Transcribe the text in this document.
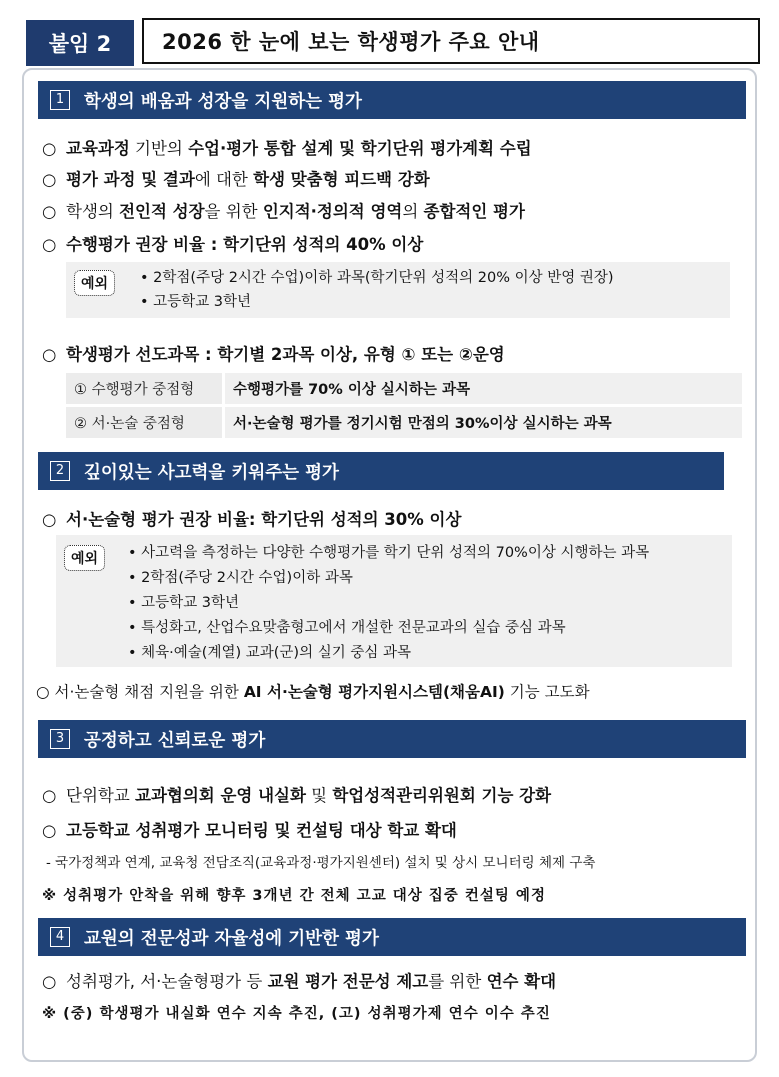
붙임 2	2026 한 눈에 보는 학생평가 주요 안내
1	학생의 배움과 성장을 지원하는 평가
○ 교육과정 기반의 수업·평가 통합 설계 및 학기단위 평가계획 수립
○ 평가 과정 및 결과에 대한 학생 맞춤형 피드백 강화
○ 학생의 전인적 성장을 위한 인지적·정의적 영역의 종합적인 평가
○ 수행평가 권장 비율 : 학기단위 성적의 40% 이상
예외	• 2학점(주당 2시간 수업)이하 과목(학기단위 성적의 20% 이상 반영 권장)
• 고등학교 3학년
○ 학생평가 선도과목 : 학기별 2과목 이상, 유형 ① 또는 ②운영
① 수행평가 중점형	수행평가를 70% 이상 실시하는 과목
② 서·논술 중점형	서·논술형 평가를 정기시험 만점의 30%이상 실시하는 과목
2	깊이있는 사고력을 키워주는 평가
○ 서·논술형 평가 권장 비율: 학기단위 성적의 30% 이상
예외	• 사고력을 측정하는 다양한 수행평가를 학기 단위 성적의 70%이상 시행하는 과목
• 2학점(주당 2시간 수업)이하 과목
• 고등학교 3학년
• 특성화고, 산업수요맞춤형고에서 개설한 전문교과의 실습 중심 과목
• 체육·예술(계열) 교과(군)의 실기 중심 과목
○ 서·논술형 채점 지원을 위한 AI 서·논술형 평가지원시스템(채움AI) 기능 고도화
3	공정하고 신뢰로운 평가
○ 단위학교 교과협의회 운영 내실화 및 학업성적관리위원회 기능 강화
○ 고등학교 성취평가 모니터링 및 컨설팅 대상 학교 확대
- 국가정책과 연계, 교육청 전담조직(교육과정·평가지원센터) 설치 및 상시 모니터링 체제 구축
※ 성취평가 안착을 위해 향후 3개년 간 전체 고교 대상 집중 컨설팅 예정
4	교원의 전문성과 자율성에 기반한 평가
○ 성취평가, 서·논술형평가 등 교원 평가 전문성 제고를 위한 연수 확대
※ (중) 학생평가 내실화 연수 지속 추진, (고) 성취평가제 연수 이수 추진
